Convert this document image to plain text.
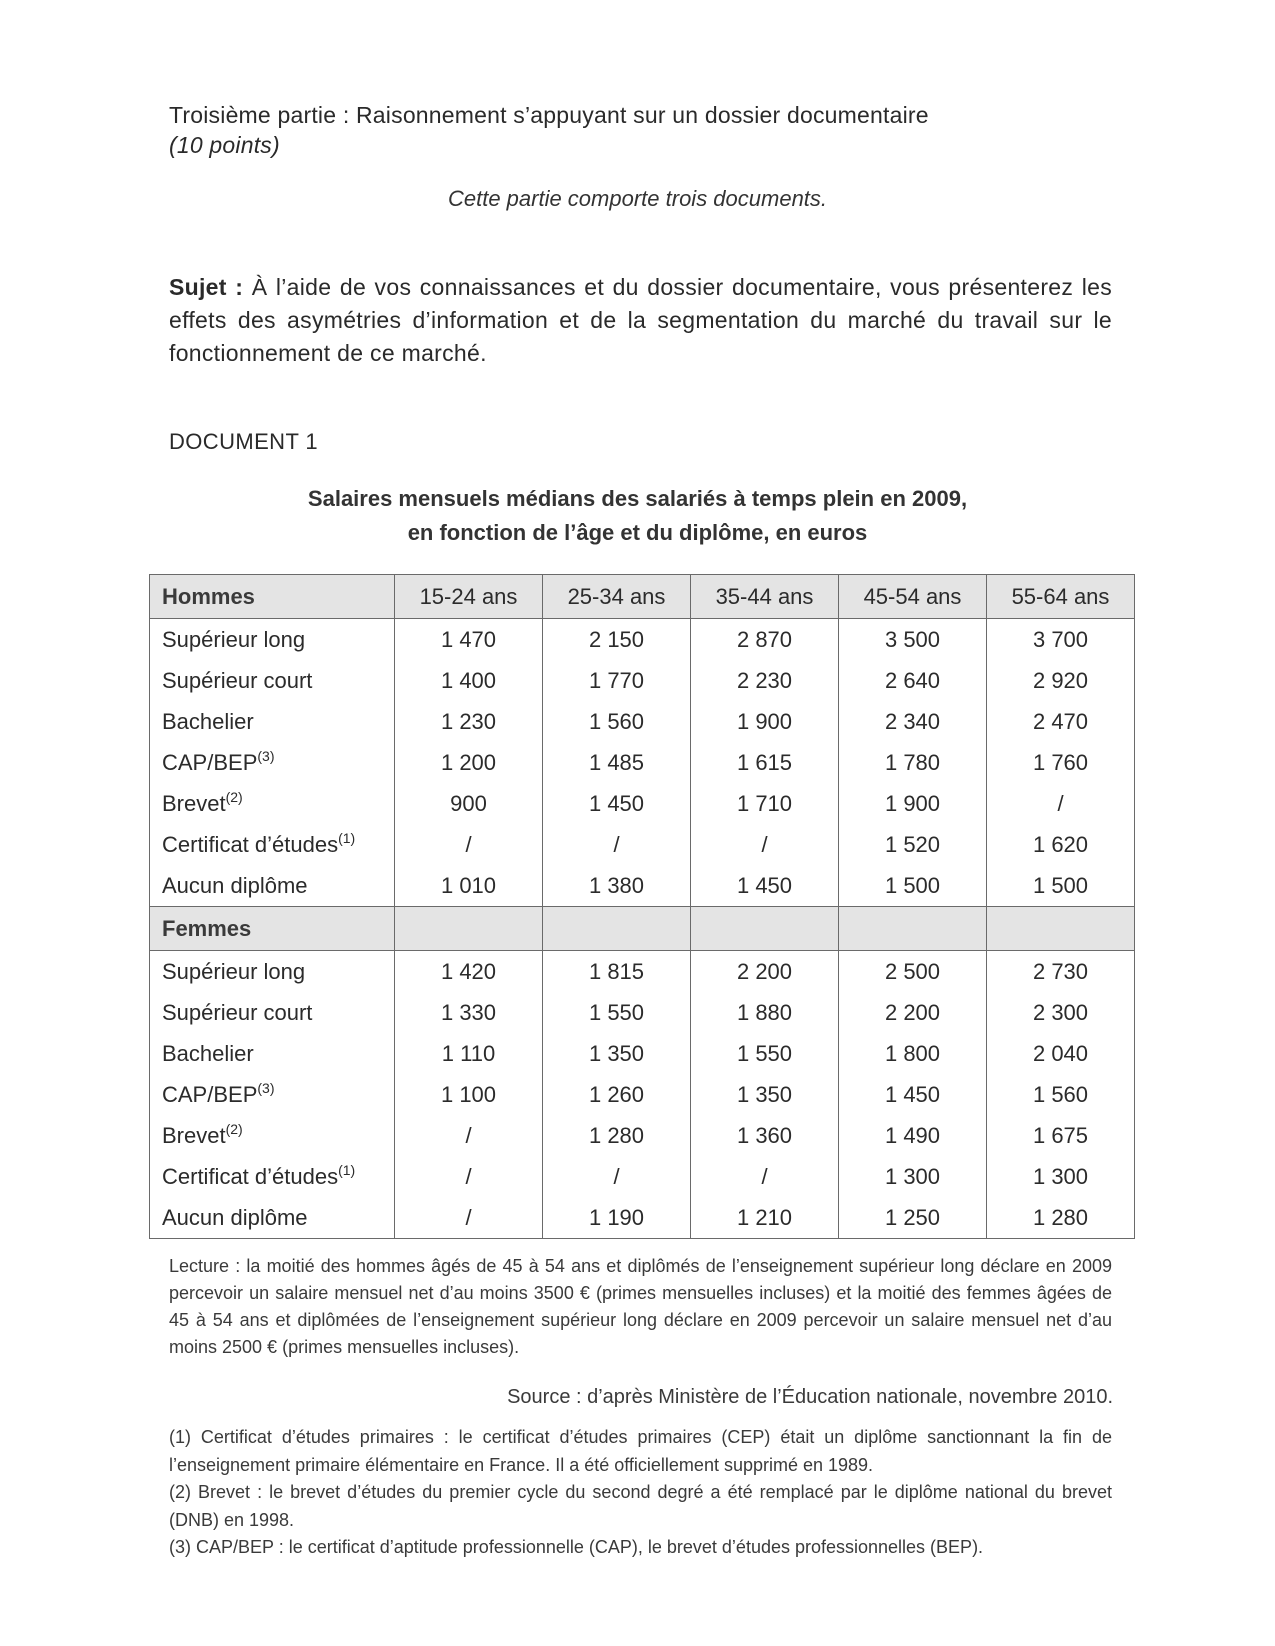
Troisième partie : Raisonnement s’appuyant sur un dossier documentaire
(10 points)
Cette partie comporte trois documents.
Sujet : À l’aide de vos connaissances et du dossier documentaire, vous présenterez les effets des asymétries d’information et de la segmentation du marché du travail sur le fonctionnement de ce marché.
DOCUMENT 1
Salaires mensuels médians des salariés à temps plein en 2009,
en fonction de l’âge et du diplôme, en euros
Hommes	15-24 ans	25-34 ans	35-44 ans	45-54 ans	55-64 ans
Supérieur long	1 470	2 150	2 870	3 500	3 700
Supérieur court	1 400	1 770	2 230	2 640	2 920
Bachelier	1 230	1 560	1 900	2 340	2 470
CAP/BEP$^{(3)}$	1 200	1 485	1 615	1 780	1 760
Brevet$^{(2)}$	900	1 450	1 710	1 900	/
Certificat d’études$^{(1)}$	/	/	/	1 520	1 620
Aucun diplôme	1 010	1 380	1 450	1 500	1 500
Femmes					
Supérieur long	1 420	1 815	2 200	2 500	2 730
Supérieur court	1 330	1 550	1 880	2 200	2 300
Bachelier	1 110	1 350	1 550	1 800	2 040
CAP/BEP$^{(3)}$	1 100	1 260	1 350	1 450	1 560
Brevet$^{(2)}$	/	1 280	1 360	1 490	1 675
Certificat d’études$^{(1)}$	/	/	/	1 300	1 300
Aucun diplôme	/	1 190	1 210	1 250	1 280
Lecture : la moitié des hommes âgés de 45 à 54 ans et diplômés de l’enseignement supérieur long déclare en 2009 percevoir un salaire mensuel net d’au moins 3500 € (primes mensuelles incluses) et la moitié des femmes âgées de 45 à 54 ans et diplômées de l’enseignement supérieur long déclare en 2009 percevoir un salaire mensuel net d’au moins 2500 € (primes mensuelles incluses).
Source : d’après Ministère de l’Éducation nationale, novembre 2010.

(1) Certificat d’études primaires : le certificat d’études primaires (CEP) était un diplôme sanctionnant la fin de l’enseignement primaire élémentaire en France. Il a été officiellement supprimé en 1989.

(2) Brevet : le brevet d’études du premier cycle du second degré a été remplacé par le diplôme national du brevet (DNB) en 1998.

(3) CAP/BEP : le certificat d’aptitude professionnelle (CAP), le brevet d’études professionnelles (BEP).
